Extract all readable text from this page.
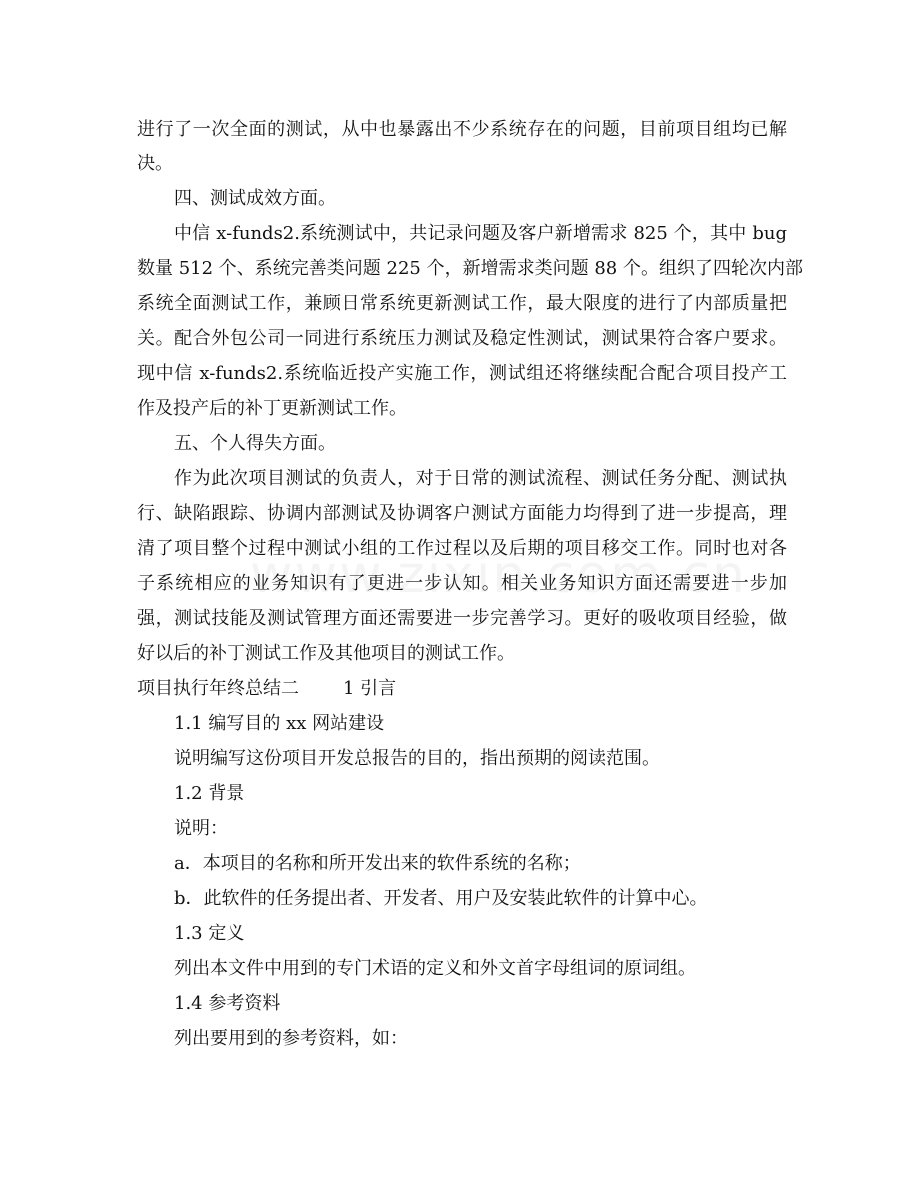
进行了一次全面的测试，从中也暴露出不少系统存在的问题，目前项目组均已解
决。
四、测试成效方面。
中信 x-funds2.系统测试中，共记录问题及客户新增需求 825 个，其中 bug
数量 512 个、系统完善类问题 225 个，新增需求类问题 88 个。组织了四轮次内部
系统全面测试工作，兼顾日常系统更新测试工作，最大限度的进行了内部质量把
关。配合外包公司一同进行系统压力测试及稳定性测试，测试果符合客户要求。
现中信 x-funds2.系统临近投产实施工作，测试组还将继续配合配合项目投产工
作及投产后的补丁更新测试工作。
五、个人得失方面。
作为此次项目测试的负责人，对于日常的测试流程、测试任务分配、测试执
行、缺陷跟踪、协调内部测试及协调客户测试方面能力均得到了进一步提高，理
清了项目整个过程中测试小组的工作过程以及后期的项目移交工作。同时也对各
子系统相应的业务知识有了更进一步认知。相关业务知识方面还需要进一步加
强，测试技能及测试管理方面还需要进一步完善学习。更好的吸收项目经验，做
好以后的补丁测试工作及其他项目的测试工作。
项目执行年终总结二 1 引言
1.1 编写目的 xx 网站建设
说明编写这份项目开发总报告的目的，指出预期的阅读范围。
1.2 背景
说明：
a．本项目的名称和所开发出来的软件系统的名称；
b．此软件的任务提出者、开发者、用户及安装此软件的计算中心。
1.3 定义
列出本文件中用到的专门术语的定义和外文首字母组词的原词组。
1.4 参考资料
列出要用到的参考资料，如：
